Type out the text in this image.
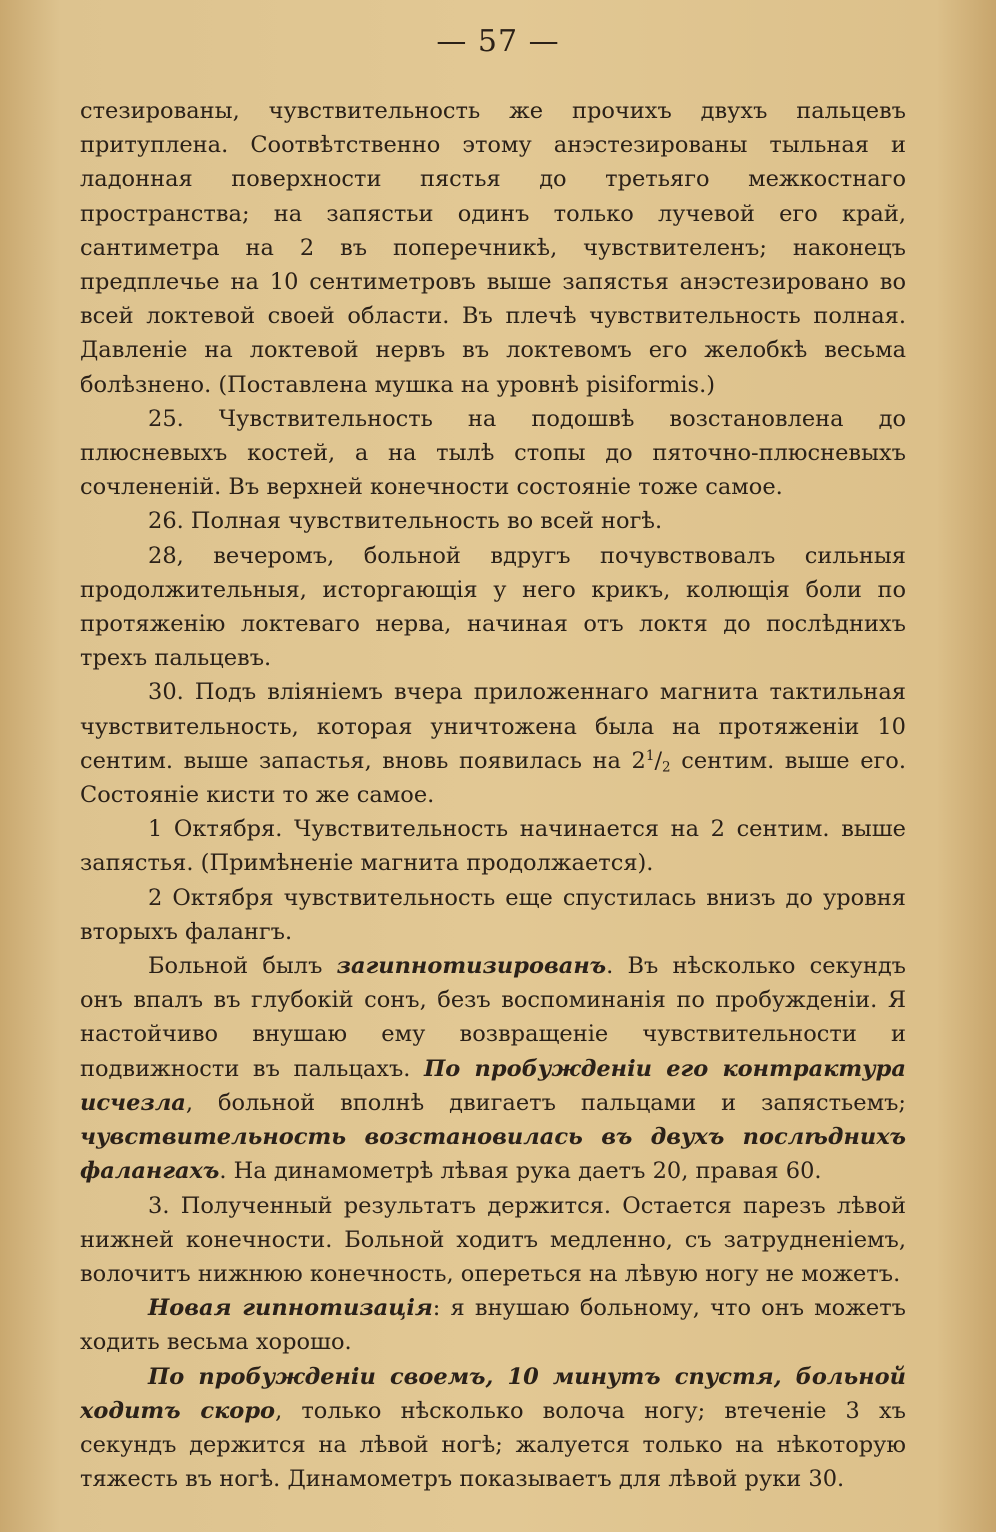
— 57 —

стезированы, чувствительность же прочихъ двухъ пальцевъ притуплена. Соотвѣтственно этому анэстезированы тыльная и ладонная поверхности пястья до третьяго межкостнаго пространства; на запястьи одинъ только лучевой его край, сантиметра на 2 въ поперечникѣ, чувствителенъ; наконецъ предплечье на 10 сентиметровъ выше запястья анэстезировано во всей локтевой своей области. Въ плечѣ чувствительность полная. Давленіе на локтевой нервъ въ локтевомъ его желобкѣ весьма болѣзнено. (Поставлена мушка на уровнѣ pisiformis.)

25. Чувствительность на подошвѣ возстановлена до плюсневыхъ костей, а на тылѣ стопы до пяточно-плюсневыхъ сочлененій. Въ верхней конечности состояніе тоже самое.

26. Полная чувствительность во всей ногѣ.

28, вечеромъ, больной вдругъ почувствовалъ сильныя продолжительныя, исторгающія у него крикъ, колющія боли по протяженію локтеваго нерва, начиная отъ локтя до послѣднихъ трехъ пальцевъ.

30. Подъ вліяніемъ вчера приложеннаго магнита тактильная чувствительность, которая уничтожена была на протяженіи 10 сентим. выше запастья, вновь появилась на $2^1/_2$ сентим. выше его. Состояніе кисти то же самое.

1 Октября. Чувствительность начинается на 2 сентим. выше запястья. (Примѣненіе магнита продолжается).

2 Октября чувствительность еще спустилась внизъ до уровня вторыхъ фалангъ.

Больной былъ загипнотизированъ. Въ нѣсколько секундъ онъ впалъ въ глубокій сонъ, безъ воспоминанія по пробужденіи. Я настойчиво внушаю ему возвращеніе чувствительности и подвижности въ пальцахъ. По пробужденіи его контрактура исчезла, больной вполнѣ двигаетъ пальцами и запястьемъ; чувствительность возстановилась въ двухъ послѣднихъ фалангахъ. На динамометрѣ лѣвая рука даетъ 20, правая 60.

3. Полученный результатъ держится. Остается парезъ лѣвой нижней конечности. Больной ходитъ медленно, съ затрудненіемъ, волочитъ нижнюю конечность, опереться на лѣвую ногу не можетъ.

Новая гипнотизація: я внушаю больному, что онъ можетъ ходить весьма хорошо.

По пробужденіи своемъ, 10 минутъ спустя, больной ходитъ скоро, только нѣсколько волоча ногу; втеченіе 3 хъ секундъ держится на лѣвой ногѣ; жалуется только на нѣкоторую тяжесть въ ногѣ. Динамометръ показываетъ для лѣвой руки 30.
